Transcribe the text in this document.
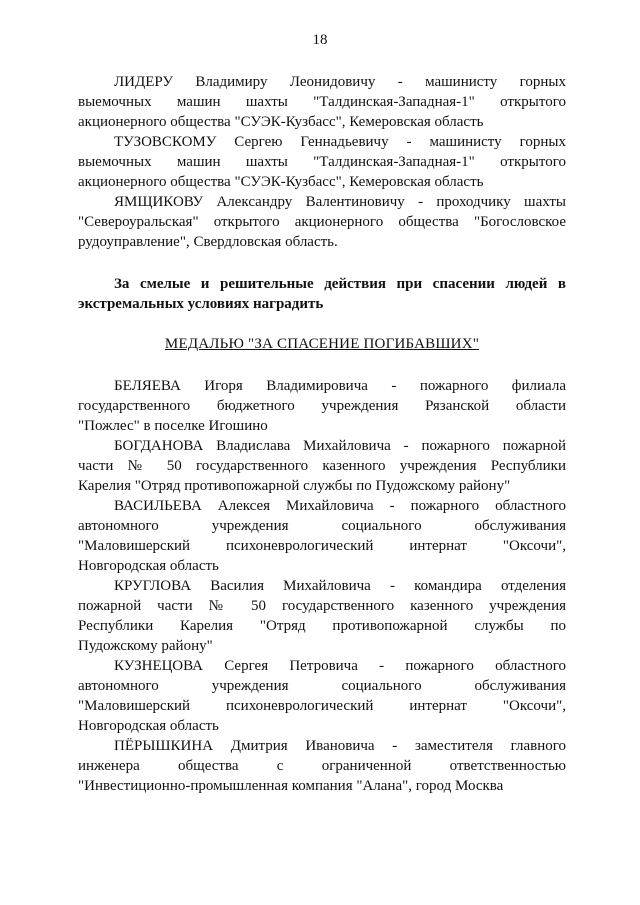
18
ЛИДЕРУ Владимиру Леонидовичу - машинисту горных
выемочных машин шахты "Талдинская-Западная-1" открытого
акционерного общества "СУЭК-Кузбасс", Кемеровская область
ТУЗОВСКОМУ Сергею Геннадьевичу - машинисту горных
выемочных машин шахты "Талдинская-Западная-1" открытого
акционерного общества "СУЭК-Кузбасс", Кемеровская область
ЯМЩИКОВУ Александру Валентиновичу - проходчику шахты
"Североуральская" открытого акционерного общества "Богословское
рудоуправление", Свердловская область.
За смелые и решительные действия при спасении людей в
экстремальных условиях наградить
МЕДАЛЬЮ "ЗА СПАСЕНИЕ ПОГИБАВШИХ"
БЕЛЯЕВА Игоря Владимировича - пожарного филиала
государственного бюджетного учреждения Рязанской области
"Пожлес" в поселке Игошино
БОГДАНОВА Владислава Михайловича - пожарного пожарной
части № 50 государственного казенного учреждения Республики
Карелия "Отряд противопожарной службы по Пудожскому району"
ВАСИЛЬЕВА Алексея Михайловича - пожарного областного
автономного учреждения социального обслуживания
"Маловишерский психоневрологический интернат "Оксочи",
Новгородская область
КРУГЛОВА Василия Михайловича - командира отделения
пожарной части № 50 государственного казенного учреждения
Республики Карелия "Отряд противопожарной службы по
Пудожскому району"
КУЗНЕЦОВА Сергея Петровича - пожарного областного
автономного учреждения социального обслуживания
"Маловишерский психоневрологический интернат "Оксочи",
Новгородская область
ПЁРЫШКИНА Дмитрия Ивановича - заместителя главного
инженера общества с ограниченной ответственностью
"Инвестиционно-промышленная компания "Алана", город Москва
